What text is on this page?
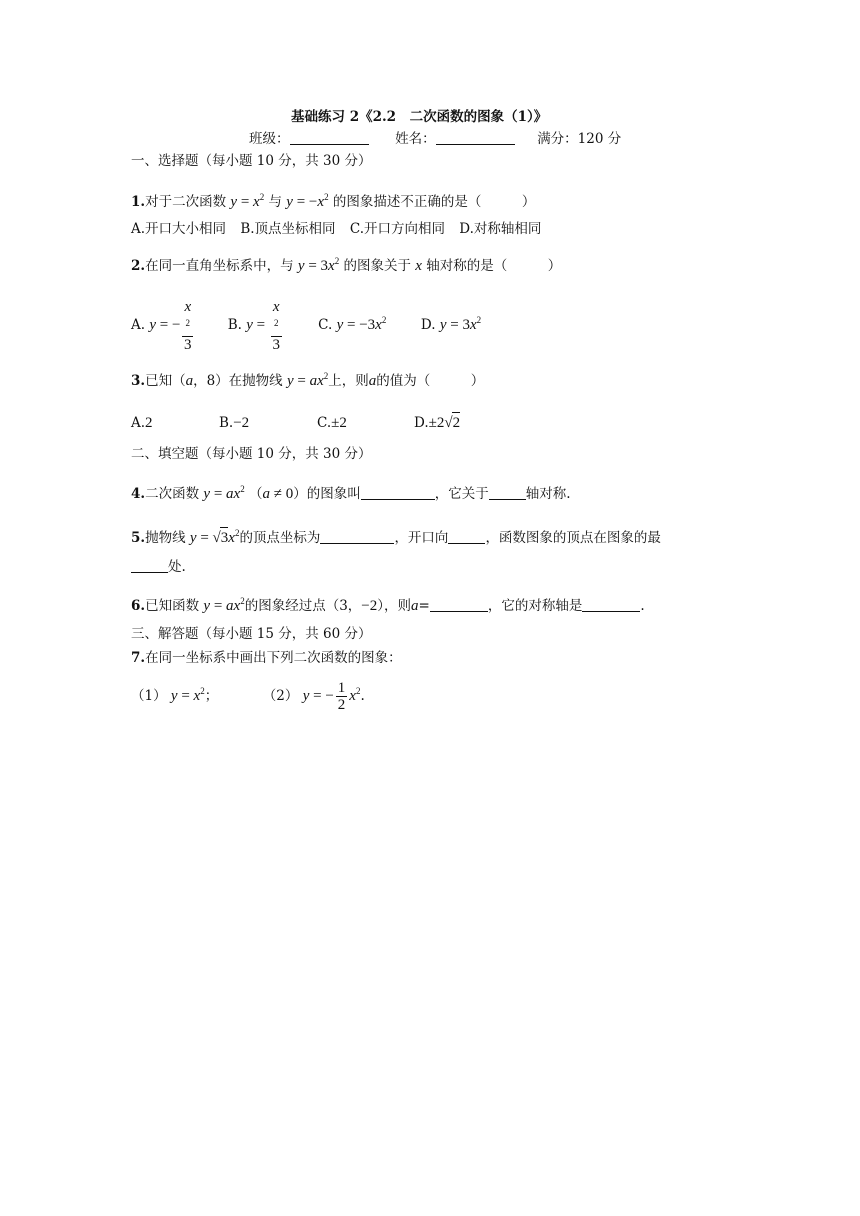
基础练习 2《2.2　二次函数的图象（1）》
班级：	姓名：	满分：120 分
一、选择题（每小题 10 分，共 30 分）
1.对于二次函数 $y = x^2$ 与 $y = -x^2$ 的图象描述不正确的是（　　　）
A.开口大小相同 B.顶点坐标相同 C.开口方向相同 D.对称轴相同
2.在同一直角坐标系中，与 $y = 3x^2$ 的图象关于 x 轴对称的是（　　　）
A. y = − x
$^2$
3	B. y = x
$^2$
3	C. $y = -3x^2$	D. $y = 3x^2$
3.已知（a，8）在抛物线 $y = ax^2$上，则a的值为（　　　）
A.2	B.−2	C.±2	D.±2√2
二、填空题（每小题 10 分，共 30 分）
4.二次函数 $y = ax^2$ （a ≠ 0）的图象叫	，它关于	轴对称.
5.抛物线 $y = √3x^2$的顶点坐标为	，开口向	，函数图象的顶点在图象的最
处.
6.已知函数 $y = ax^2$的图象经过点（3，−2），则a=	，它的对称轴是	.
三、解答题（每小题 15 分，共 60 分）
7.在同一坐标系中画出下列二次函数的图象：
（1） $y = x^2$；	（2） y = − $\frac{1}{2} x^2$.
